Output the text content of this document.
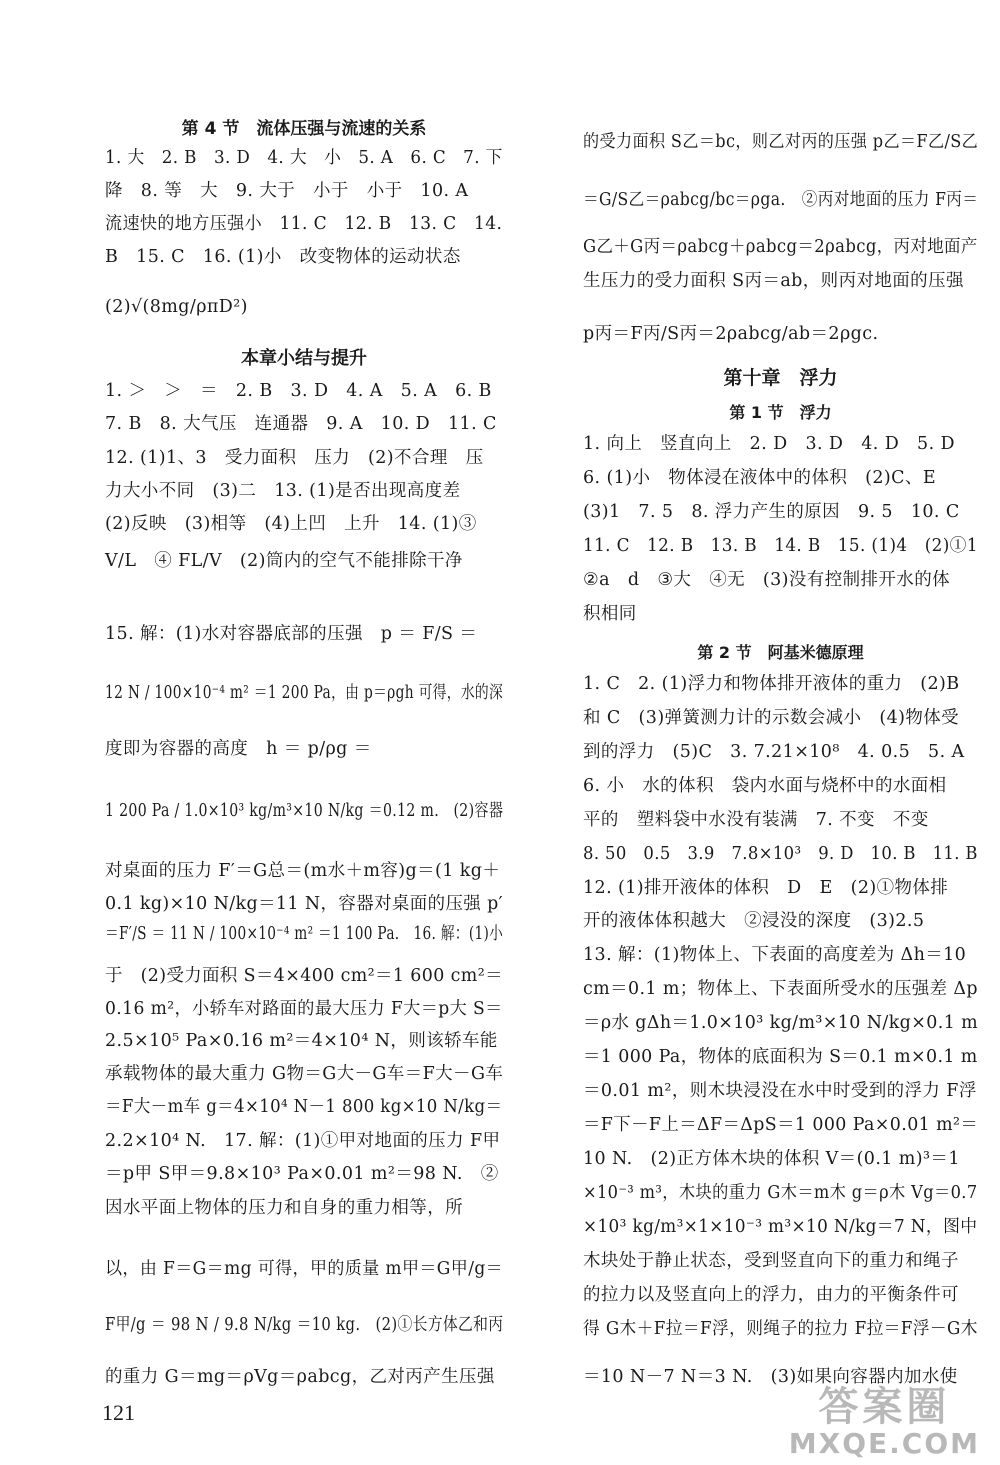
第 4 节　流体压强与流速的关系
1. 大　2. B　3. D　4. 大　小　5. A　6. C　7. 下
降　8. 等　大　9. 大于　小于　小于　10. A
流速快的地方压强小　11. C　12. B　13. C　14.
B　15. C　16. (1)小　改变物体的运动状态
(2)√(8mg/ρπD²)
本章小结与提升
1. ＞　＞　＝　2. B　3. D　4. A　5. A　6. B
7. B　8. 大气压　连通器　9. A　10. D　11. C
12. (1)1、3　受力面积　压力　(2)不合理　压
力大小不同　(3)二　13. (1)是否出现高度差
(2)反映　(3)相等　(4)上凹　上升　14. (1)③
V/L　④ FL/V　(2)筒内的空气不能排除干净
15. 解：(1)水对容器底部的压强　p ＝ F/S ＝
12 N / 100×10⁻⁴ m² ＝1 200 Pa，由 p＝ρgh 可得，水的深
度即为容器的高度　h ＝ p/ρg ＝
1 200 Pa / 1.0×10³ kg/m³×10 N/kg ＝0.12 m.　(2)容器
对桌面的压力 F′＝G总＝(m水＋m容)g＝(1 kg＋
0.1 kg)×10 N/kg＝11 N，容器对桌面的压强 p′
＝F′/S ＝ 11 N / 100×10⁻⁴ m² ＝1 100 Pa.　16. 解：(1)小
于　(2)受力面积 S＝4×400 cm²＝1 600 cm²＝
0.16 m²，小轿车对路面的最大压力 F大＝p大 S＝
2.5×10⁵ Pa×0.16 m²＝4×10⁴ N，则该轿车能
承载物体的最大重力 G物＝G大－G车＝F大－G车
＝F大－m车 g＝4×10⁴ N－1 800 kg×10 N/kg＝
2.2×10⁴ N.　17. 解：(1)①甲对地面的压力 F甲
＝p甲 S甲＝9.8×10³ Pa×0.01 m²＝98 N.　②
因水平面上物体的压力和自身的重力相等，所
以，由 F＝G＝mg 可得，甲的质量 m甲＝G甲/g＝
F甲/g ＝ 98 N / 9.8 N/kg ＝10 kg.　(2)①长方体乙和丙
的重力 G＝mg＝ρVg＝ρabcg，乙对丙产生压强
的受力面积 S乙＝bc，则乙对丙的压强 p乙＝F乙/S乙
＝G/S乙＝ρabcg/bc＝ρga.　②丙对地面的压力 F丙＝
G乙＋G丙＝ρabcg＋ρabcg＝2ρabcg，丙对地面产
生压力的受力面积 S丙＝ab，则丙对地面的压强
p丙＝F丙/S丙＝2ρabcg/ab＝2ρgc.
第十章　浮力
第 1 节　浮力
1. 向上　竖直向上　2. D　3. D　4. D　5. D
6. (1)小　物体浸在液体中的体积　(2)C、E
(3)1　7. 5　8. 浮力产生的原因　9. 5　10. C
11. C　12. B　13. B　14. B　15. (1)4　(2)①1
②a　d　③大　④无　(3)没有控制排开水的体
积相同
第 2 节　阿基米德原理
1. C　2. (1)浮力和物体排开液体的重力　(2)B
和 C　(3)弹簧测力计的示数会减小　(4)物体受
到的浮力　(5)C　3. 7.21×10⁸　4. 0.5　5. A
6. 小　水的体积　袋内水面与烧杯中的水面相
平的　塑料袋中水没有装满　7. 不变　不变
8. 50　0.5　3.9　7.8×10³　9. D　10. B　11. B
12. (1)排开液体的体积　D　E　(2)①物体排
开的液体体积越大　②浸没的深度　(3)2.5
13. 解：(1)物体上、下表面的高度差为 Δh＝10
cm＝0.1 m；物体上、下表面所受水的压强差 Δp
＝ρ水 gΔh＝1.0×10³ kg/m³×10 N/kg×0.1 m
＝1 000 Pa，物体的底面积为 S＝0.1 m×0.1 m
＝0.01 m²，则木块浸没在水中时受到的浮力 F浮
＝F下－F上＝ΔF＝ΔpS＝1 000 Pa×0.01 m²＝
10 N.　(2)正方体木块的体积 V＝(0.1 m)³＝1
×10⁻³ m³，木块的重力 G木＝m木 g＝ρ木 Vg＝0.7
×10³ kg/m³×1×10⁻³ m³×10 N/kg＝7 N，图中
木块处于静止状态，受到竖直向下的重力和绳子
的拉力以及竖直向上的浮力，由力的平衡条件可
得 G木＋F拉＝F浮，则绳子的拉力 F拉＝F浮－G木
＝10 N－7 N＝3 N.　(3)如果向容器内加水使
121	答案圈
MXQE.COM
